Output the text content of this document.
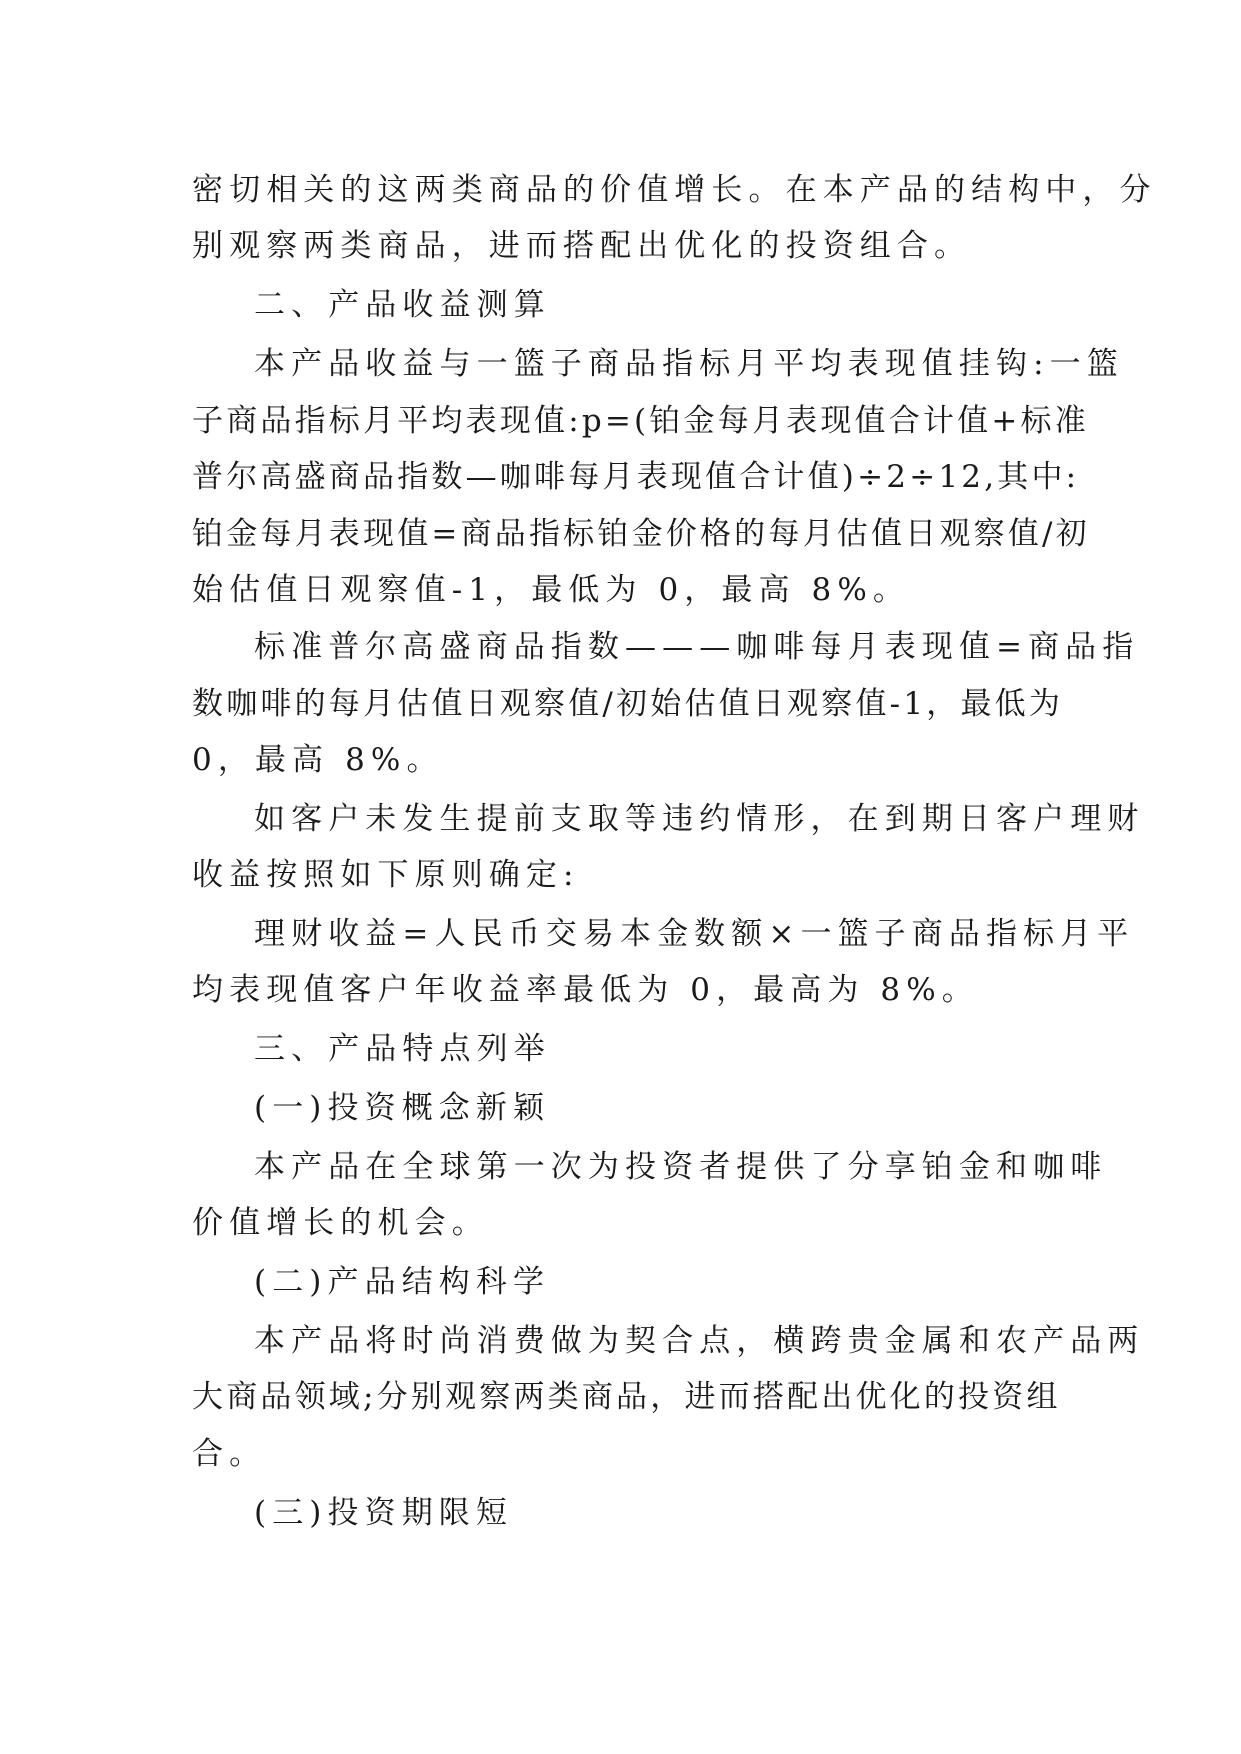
密切相关的这两类商品的价值增长。在本产品的结构中，分
别观察两类商品，进而搭配出优化的投资组合。
二、产品收益测算
本产品收益与一篮子商品指标月平均表现值挂钩:一篮
子商品指标月平均表现值:p=(铂金每月表现值合计值+标准
普尔高盛商品指数—咖啡每月表现值合计值)÷2÷12,其中:
铂金每月表现值=商品指标铂金价格的每月估值日观察值/初
始估值日观察值-1，最低为 0，最高 8%。
标准普尔高盛商品指数———咖啡每月表现值=商品指
数咖啡的每月估值日观察值/初始估值日观察值-1，最低为
0，最高 8%。
如客户未发生提前支取等违约情形，在到期日客户理财
收益按照如下原则确定:
理财收益=人民币交易本金数额×一篮子商品指标月平
均表现值客户年收益率最低为 0，最高为 8%。
三、产品特点列举
(一)投资概念新颖
本产品在全球第一次为投资者提供了分享铂金和咖啡
价值增长的机会。
(二)产品结构科学
本产品将时尚消费做为契合点，横跨贵金属和农产品两
大商品领域;分别观察两类商品，进而搭配出优化的投资组
合。
(三)投资期限短
